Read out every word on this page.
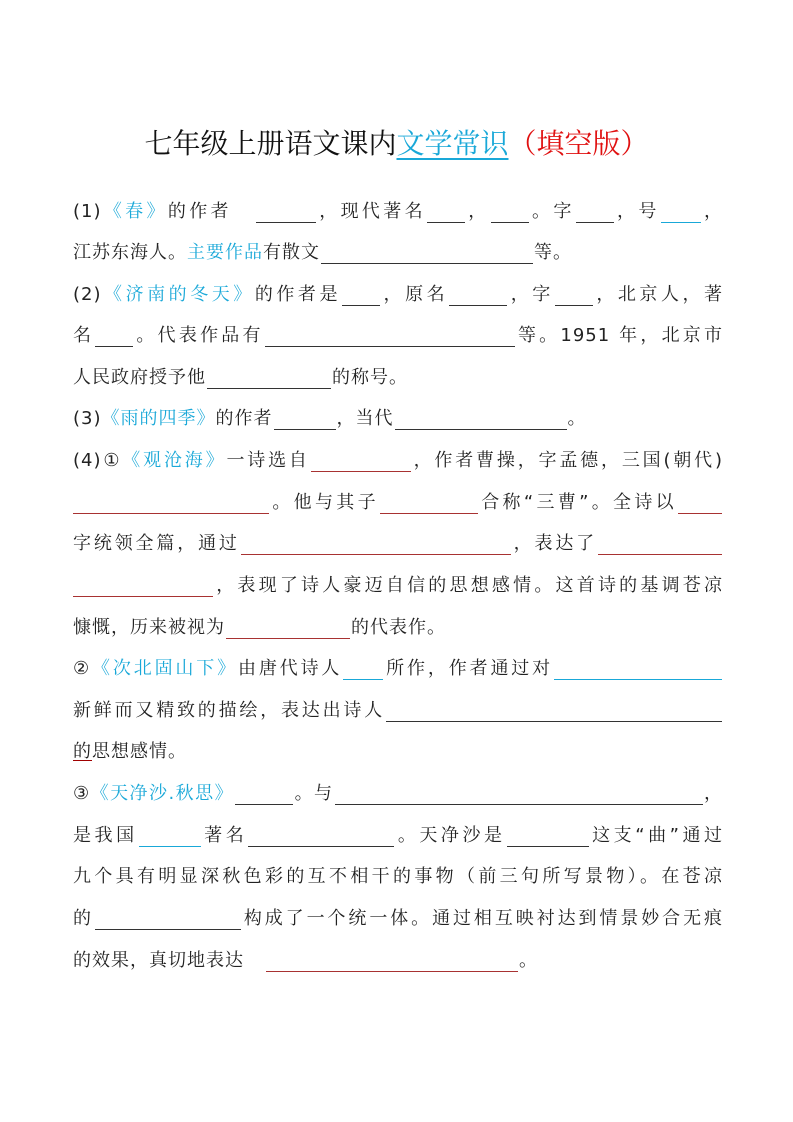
七年级上册语文课内文学常识（填空版）
(1)《春》的作者	，现代著名 ， 。字 ，号 ，
江苏东海人。主要作品有散文	等。
(2)《济南的冬天》的作者是 ，原名	，字 ，北京人，著
名 。代表作品有	等。1951 年，北京市
人民政府授予他	的称号。
(3)《雨的四季》的作者	，当代	。
(4)①《观沧海》一诗选自	，作者曹操，字孟德，三国(朝代)
。他与其子	合称“三曹”。全诗以
字统领全篇，通过	，表达了
，表现了诗人豪迈自信的思想感情。这首诗的基调苍凉
慷慨，历来被视为	的代表作。
②《次北固山下》由唐代诗人 所作，作者通过对
新鲜而又精致的描绘，表达出诗人
的思想感情。
③《天净沙.秋思》	。与	，
是我国	著名	。天净沙是	这支“曲”通过
九个具有明显深秋色彩的互不相干的事物（前三句所写景物）。在苍凉
的	构成了一个统一体。通过相互映衬达到情景妙合无痕
的效果，真切地表达	。
